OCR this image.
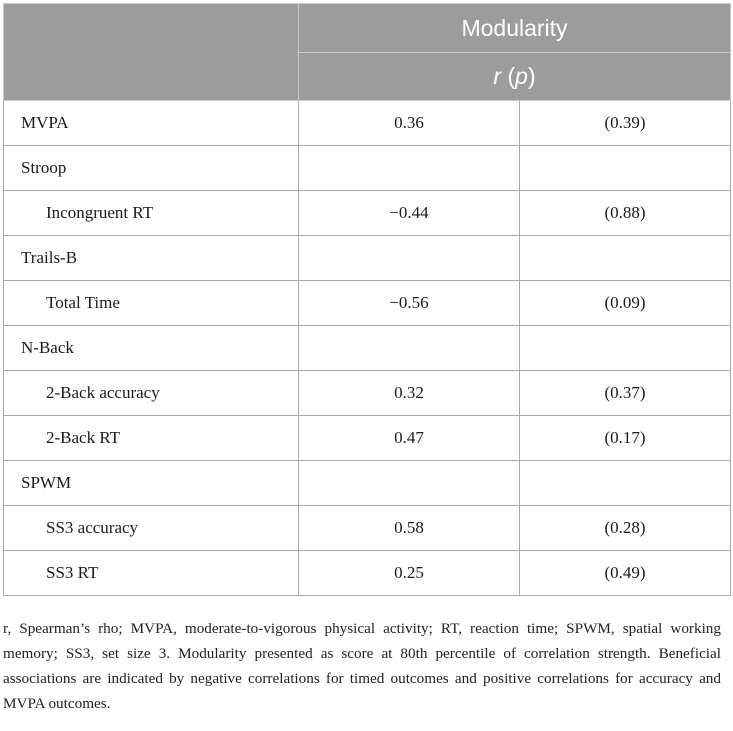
	Modularity	
	r (p)	
MVPA	0.36	(0.39)
Stroop		
Incongruent RT	−0.44	(0.88)
Trails-B		
Total Time	−0.56	(0.09)
N-Back		
2-Back accuracy	0.32	(0.37)
2-Back RT	0.47	(0.17)
SPWM		
SS3 accuracy	0.58	(0.28)
SS3 RT	0.25	(0.49)
r, Spearman’s rho; MVPA, moderate-to-vigorous physical activity; RT, reaction time; SPWM, spatial working memory; SS3, set size 3. Modularity presented as score at 80th percentile of correlation strength. Beneficial associations are indicated by negative correlations for timed outcomes and positive correlations for accuracy and MVPA outcomes.
